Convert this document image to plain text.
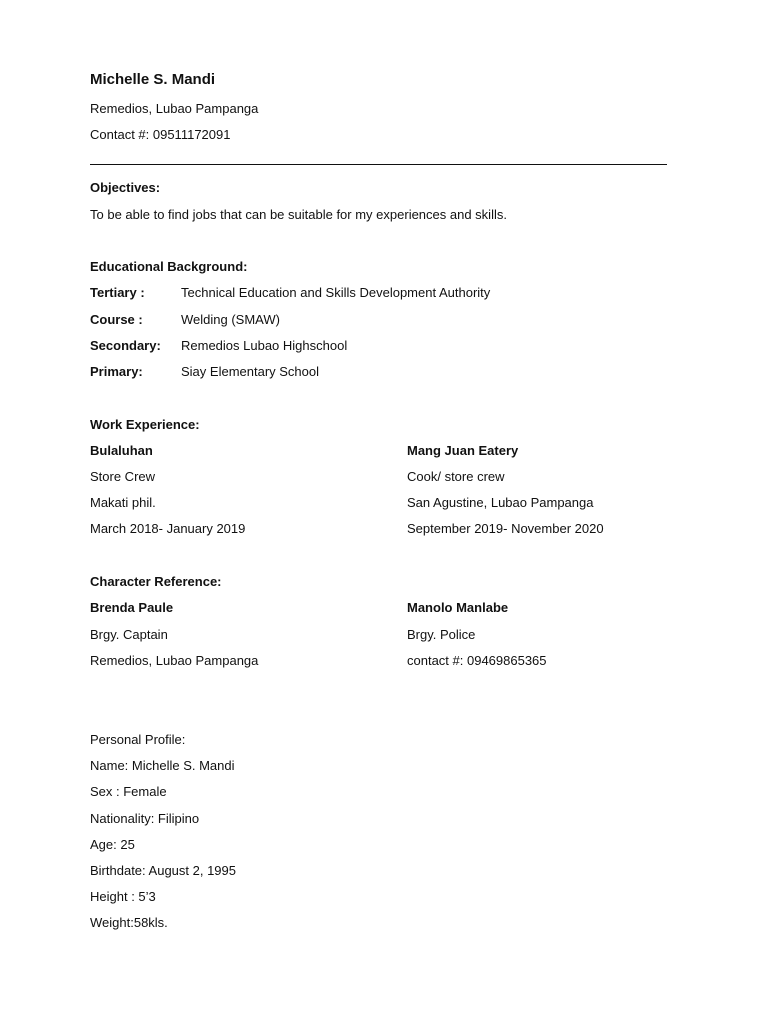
Michelle S. Mandi
Remedios, Lubao Pampanga
Contact #: 09511172091
Objectives:
To be able to find jobs that can be suitable for my experiences and skills.
Educational Background:
Tertiary :	Technical Education and Skills Development Authority
Course :	Welding (SMAW)
Secondary: Remedios Lubao Highschool
Primary:	Siay Elementary School
Work Experience:
Bulaluhan
Store Crew
Makati phil.
March 2018- January 2019
Mang Juan Eatery
Cook/ store crew
San Agustine, Lubao Pampanga
September 2019- November 2020
Character Reference:
Brenda Paule
Brgy. Captain
Remedios, Lubao Pampanga
Manolo Manlabe
Brgy. Police
contact #: 09469865365
Personal Profile:
Name: Michelle S. Mandi
Sex : Female
Nationality: Filipino
Age: 25
Birthdate: August 2, 1995
Height : 5’3
Weight:58kls.
